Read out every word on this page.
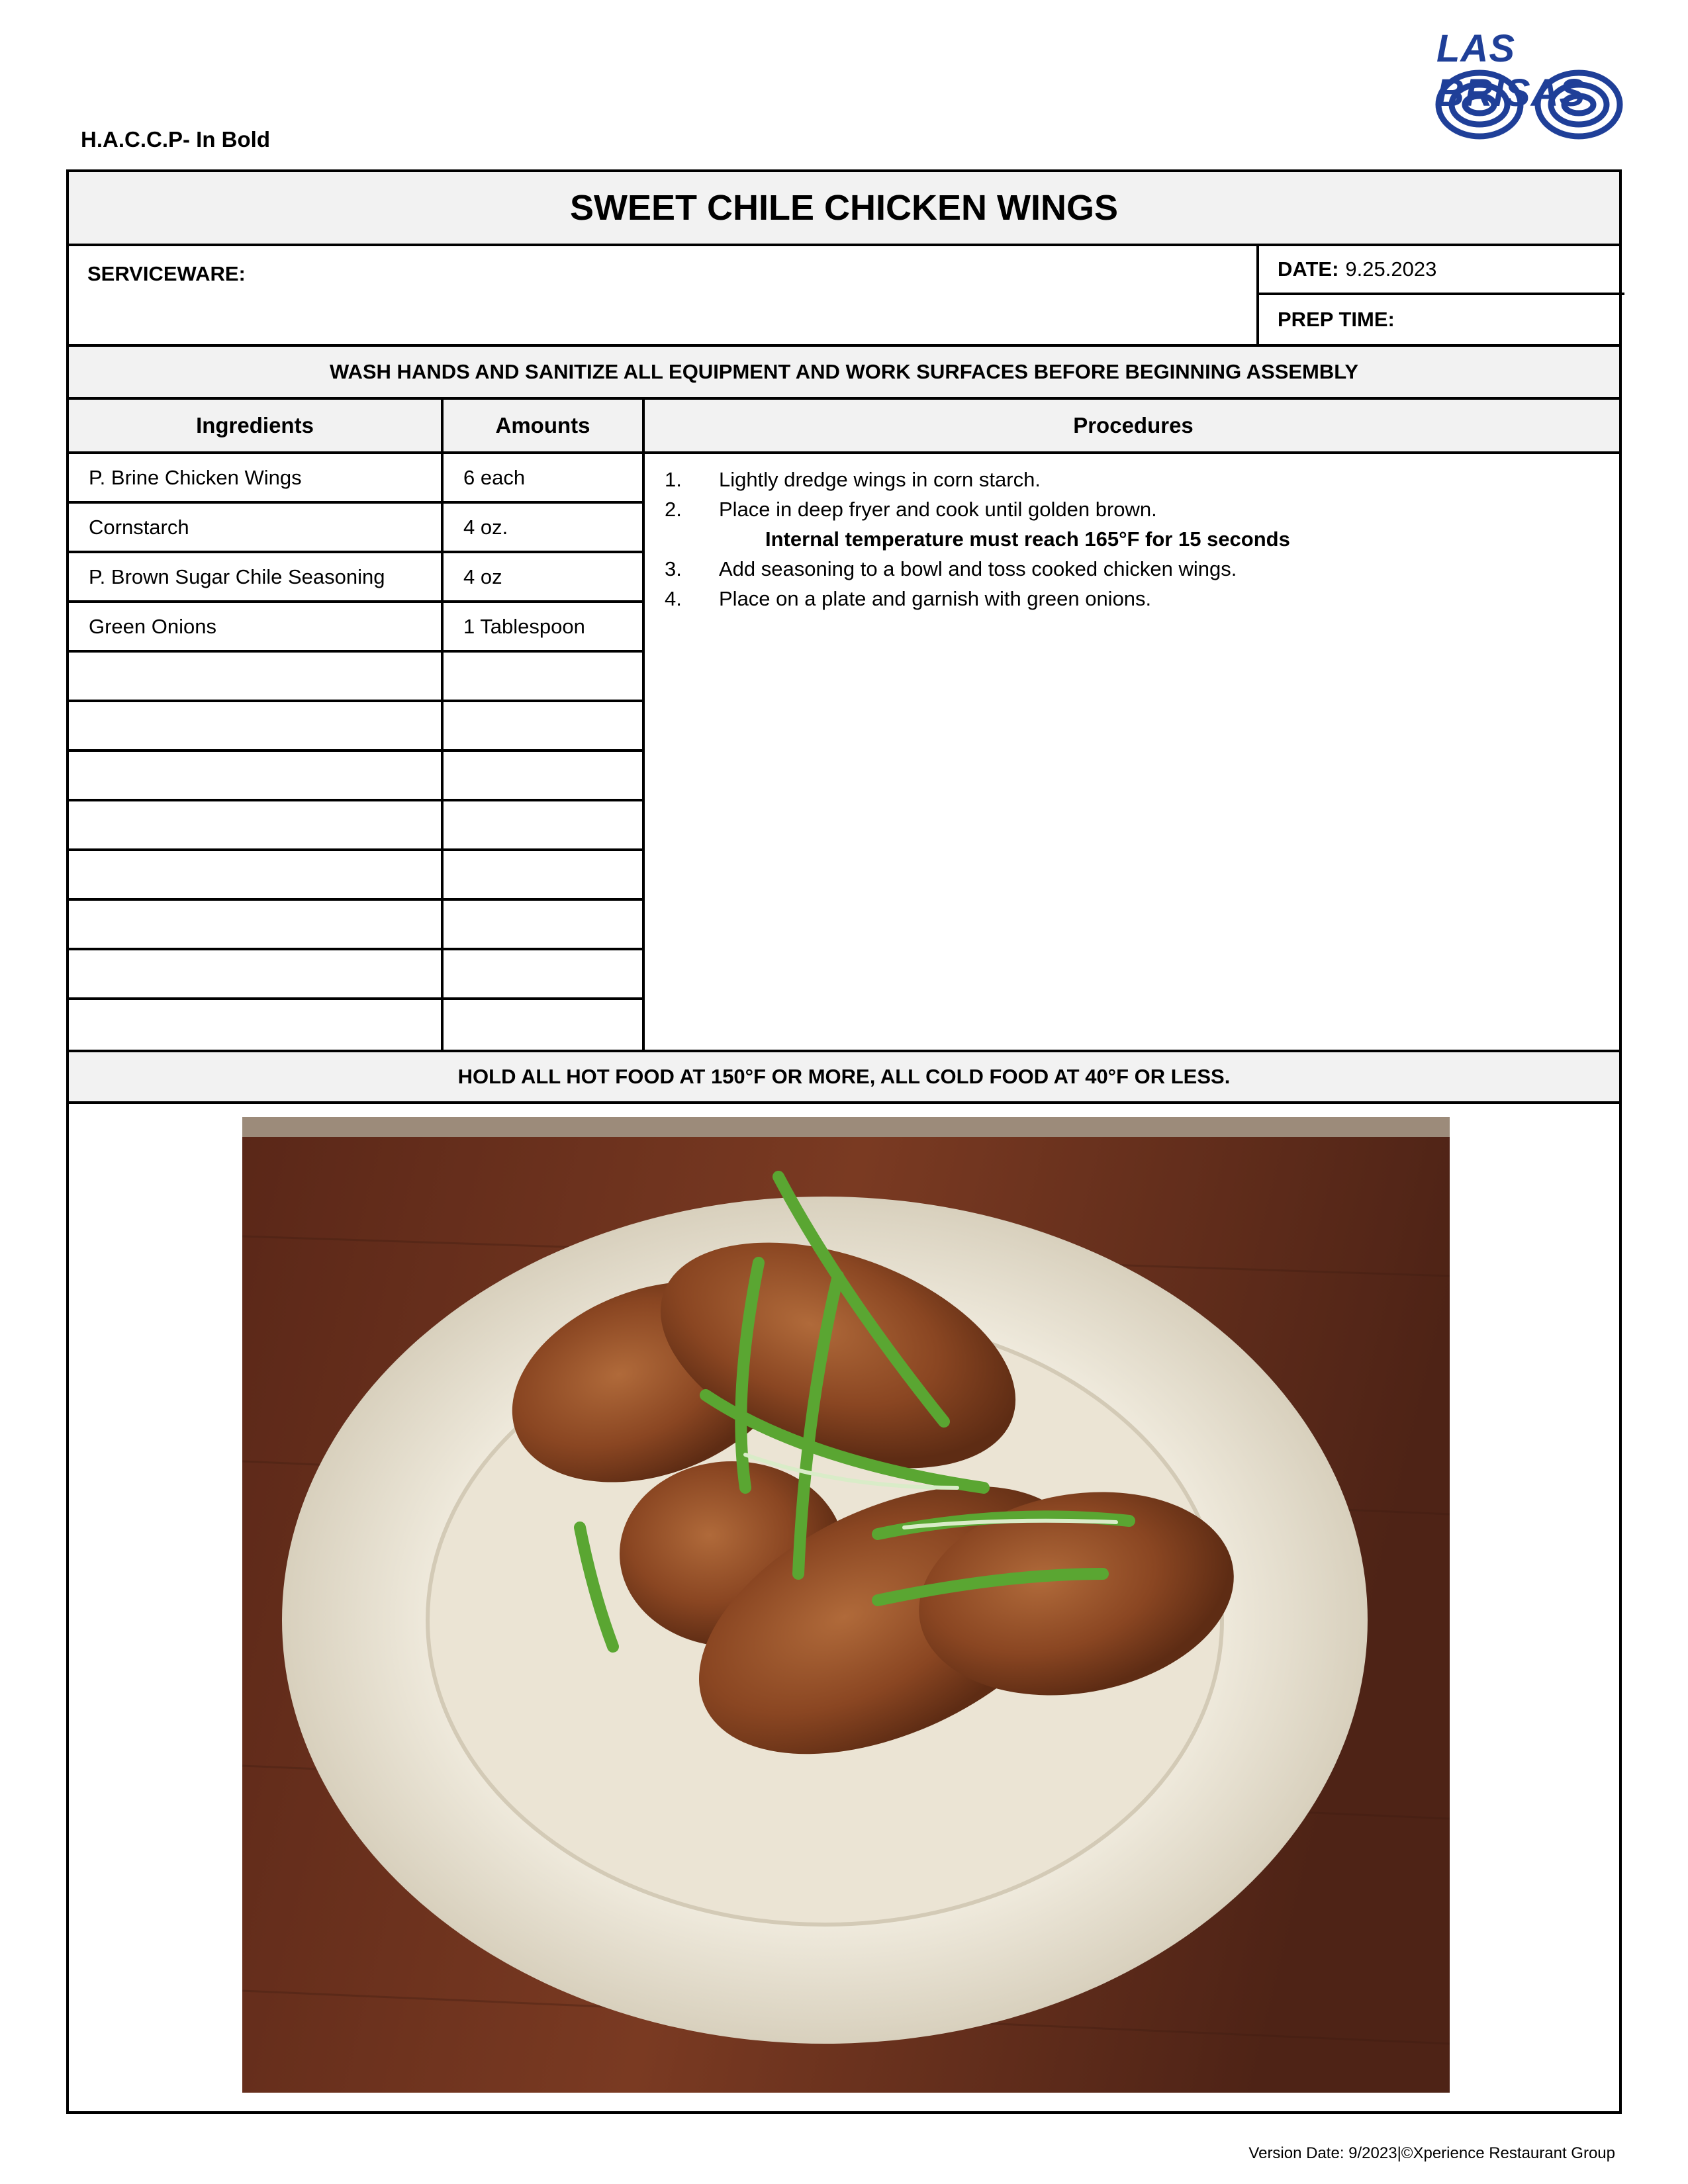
H.A.C.C.P- In Bold
LAS BRISAS
SWEET CHILE CHICKEN WINGS
SERVICEWARE:	DATE: 9.25.2023
PREP TIME:
WASH HANDS AND SANITIZE ALL EQUIPMENT AND WORK SURFACES BEFORE BEGINNING ASSEMBLY
Ingredients	Amounts	Procedures
P. Brine Chicken Wings	6 each
Cornstarch	4 oz.
P. Brown Sugar Chile Seasoning	4 oz
Green Onions	1 Tablespoon
1.	Lightly dredge wings in corn starch.
2.	Place in deep fryer and cook until golden brown.
Internal temperature must reach 165°F for 15 seconds
3.	Add seasoning to a bowl and toss cooked chicken wings.
4.	Place on a plate and garnish with green onions.
HOLD ALL HOT FOOD AT 150°F OR MORE, ALL COLD FOOD AT 40°F OR LESS.
Version Date: 9/2023|©Xperience Restaurant Group
